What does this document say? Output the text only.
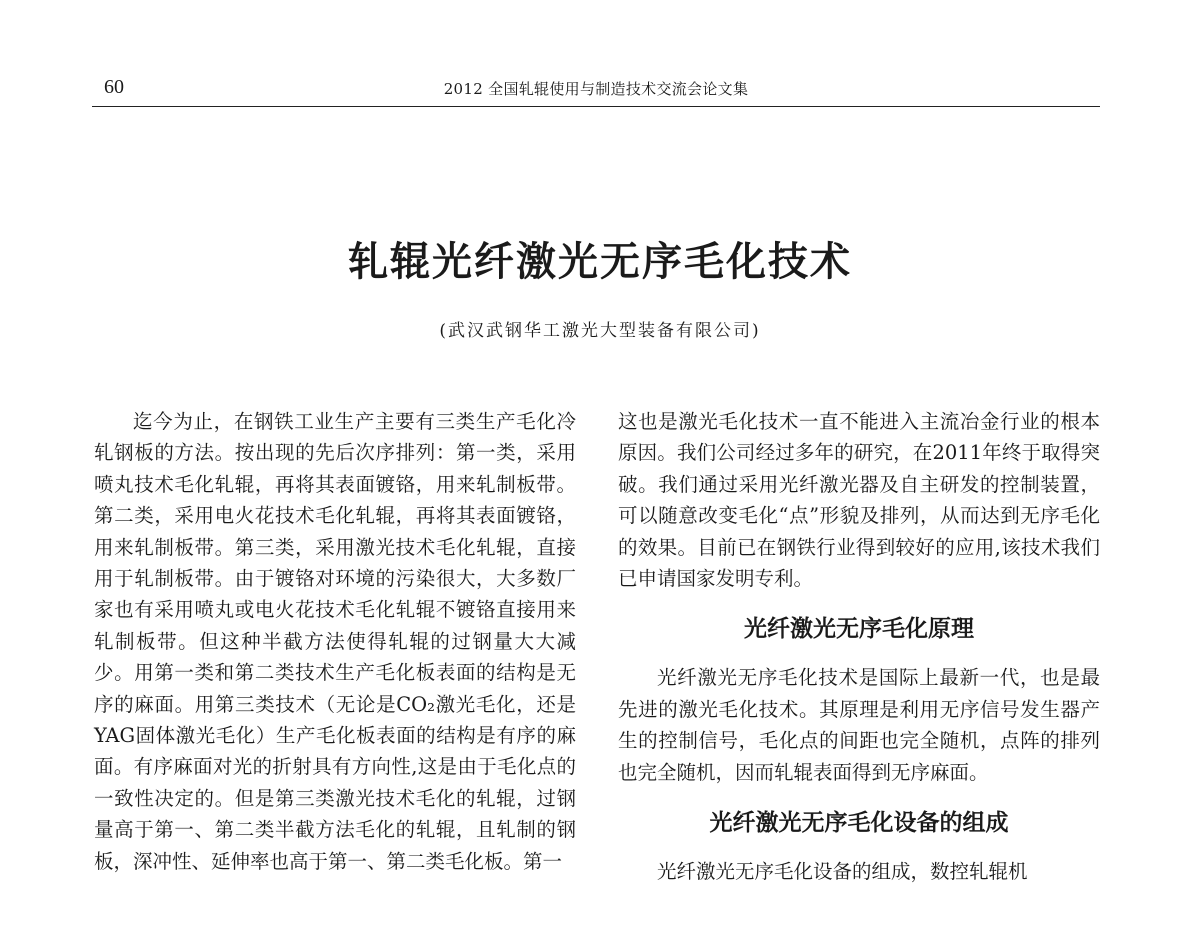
60	2012 全国轧辊使用与制造技术交流会论文集
轧辊光纤激光无序毛化技术
(武汉武钢华工激光大型装备有限公司)

迄今为止，在钢铁工业生产主要有三类生产毛化冷轧钢板的方法。按出现的先后次序排列：第一类，采用喷丸技术毛化轧辊，再将其表面镀铬，用来轧制板带。第二类，采用电火花技术毛化轧辊，再将其表面镀铬，用来轧制板带。第三类，采用激光技术毛化轧辊，直接用于轧制板带。由于镀铬对环境的污染很大，大多数厂家也有采用喷丸或电火花技术毛化轧辊不镀铬直接用来轧制板带。但这种半截方法使得轧辊的过钢量大大减少。用第一类和第二类技术生产毛化板表面的结构是无序的麻面。用第三类技术（无论是CO₂激光毛化，还是YAG固体激光毛化）生产毛化板表面的结构是有序的麻面。有序麻面对光的折射具有方向性,这是由于毛化点的一致性决定的。但是第三类激光技术毛化的轧辊，过钢量高于第一、第二类半截方法毛化的轧辊，且轧制的钢板，深冲性、延伸率也高于第一、第二类毛化板。第一

这也是激光毛化技术一直不能进入主流冶金行业的根本原因。我们公司经过多年的研究，在2011年终于取得突破。我们通过采用光纤激光器及自主研发的控制装置，可以随意改变毛化“点”形貌及排列，从而达到无序毛化的效果。目前已在钢铁行业得到较好的应用,该技术我们已申请国家发明专利。

光纤激光无序毛化原理

光纤激光无序毛化技术是国际上最新一代，也是最先进的激光毛化技术。其原理是利用无序信号发生器产生的控制信号，毛化点的间距也完全随机，点阵的排列也完全随机，因而轧辊表面得到无序麻面。

光纤激光无序毛化设备的组成

光纤激光无序毛化设备的组成，数控轧辊机
